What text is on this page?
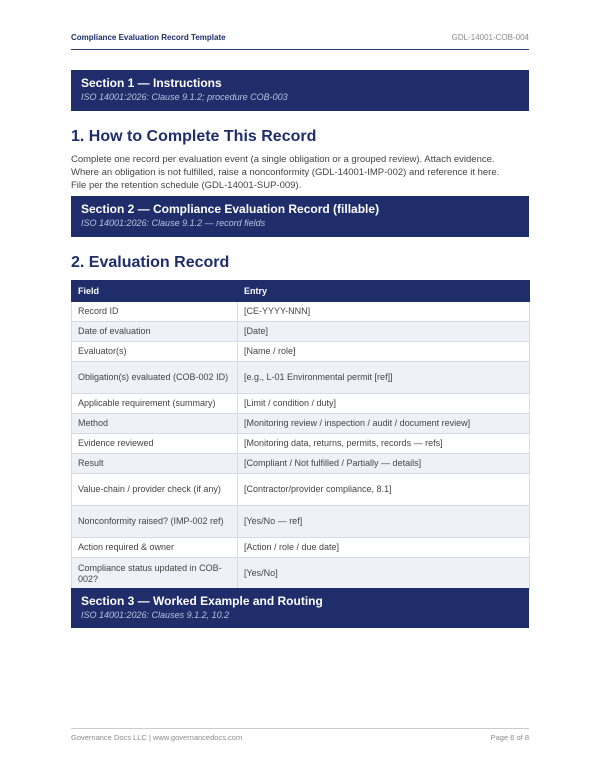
Compliance Evaluation Record Template	GDL-14001-COB-004
Section 1 — Instructions
ISO 14001:2026: Clause 9.1.2; procedure COB-003
1. How to Complete This Record
Complete one record per evaluation event (a single obligation or a grouped review). Attach evidence.
Where an obligation is not fulfilled, raise a nonconformity (GDL-14001-IMP-002) and reference it here.
File per the retention schedule (GDL-14001-SUP-009).
Section 2 — Compliance Evaluation Record (fillable)
ISO 14001:2026: Clause 9.1.2 — record fields
2. Evaluation Record
Field	Entry
Record ID	[CE-YYYY-NNN]
Date of evaluation	[Date]
Evaluator(s)	[Name / role]
Obligation(s) evaluated (COB-002 ID)	[e.g., L-01 Environmental permit [ref]]
Applicable requirement (summary)	[Limit / condition / duty]
Method	[Monitoring review / inspection / audit / document review]
Evidence reviewed	[Monitoring data, returns, permits, records — refs]
Result	[Compliant / Not fulfilled / Partially — details]
Value-chain / provider check (if any)	[Contractor/provider compliance, 8.1]
Nonconformity raised? (IMP-002 ref)	[Yes/No — ref]
Action required & owner	[Action / role / due date]
Compliance status updated in COB-002?	[Yes/No]
Section 3 — Worked Example and Routing
ISO 14001:2026: Clauses 9.1.2, 10.2
Governance Docs LLC | www.governancedocs.com	Page 6 of 8
